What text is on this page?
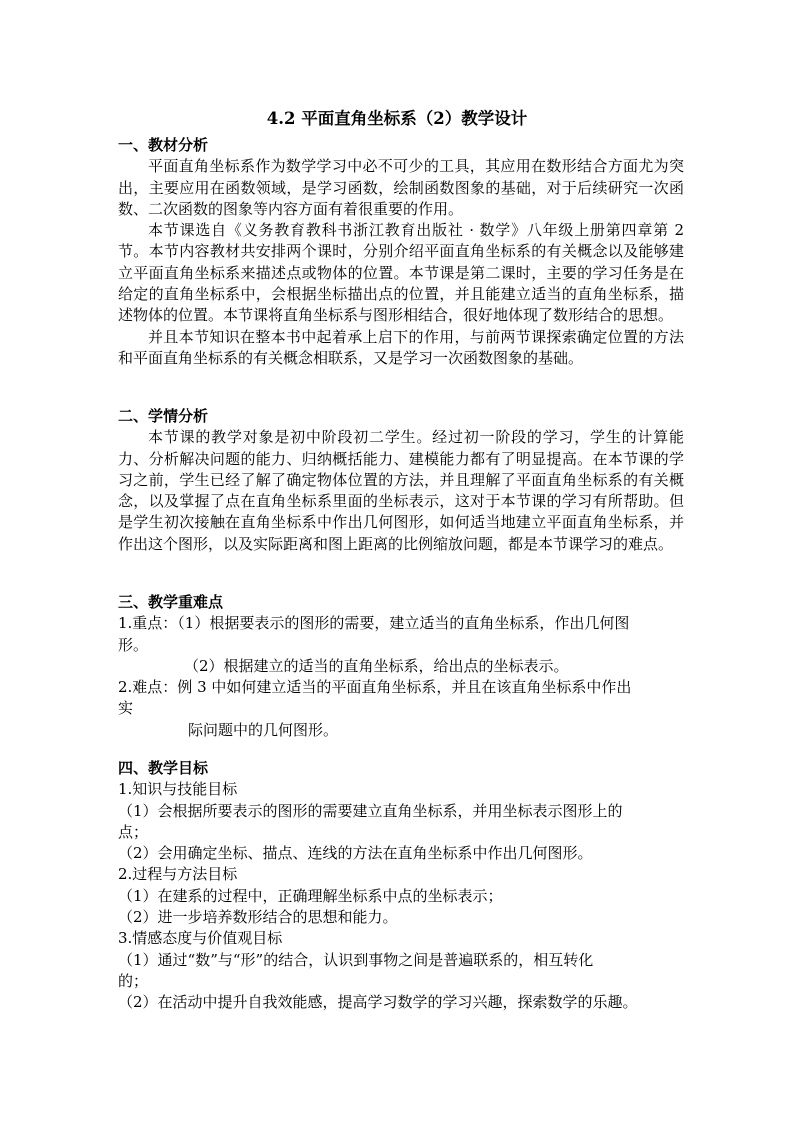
4.2 平面直角坐标系（2）教学设计
一、教材分析
平面直角坐标系作为数学学习中必不可少的工具，其应用在数形结合方面尤为突出，主要应用在函数领域，是学习函数，绘制函数图象的基础，对于后续研究一次函数、二次函数的图象等内容方面有着很重要的作用。
本节课选自《义务教育教科书浙江教育出版社 · 数学》八年级上册第四章第 2 节。本节内容教材共安排两个课时，分别介绍平面直角坐标系的有关概念以及能够建立平面直角坐标系来描述点或物体的位置。本节课是第二课时，主要的学习任务是在给定的直角坐标系中，会根据坐标描出点的位置，并且能建立适当的直角坐标系，描述物体的位置。本节课将直角坐标系与图形相结合，很好地体现了数形结合的思想。
并且本节知识在整本书中起着承上启下的作用，与前两节课探索确定位置的方法和平面直角坐标系的有关概念相联系，又是学习一次函数图象的基础。
二、学情分析
本节课的教学对象是初中阶段初二学生。经过初一阶段的学习，学生的计算能力、分析解决问题的能力、归纳概括能力、建模能力都有了明显提高。在本节课的学习之前，学生已经了解了确定物体位置的方法，并且理解了平面直角坐标系的有关概念，以及掌握了点在直角坐标系里面的坐标表示，这对于本节课的学习有所帮助。但是学生初次接触在直角坐标系中作出几何图形，如何适当地建立平面直角坐标系，并作出这个图形，以及实际距离和图上距离的比例缩放问题，都是本节课学习的难点。
三、教学重难点
1.重点：（1）根据要表示的图形的需要，建立适当的直角坐标系，作出几何图
形。
（2）根据建立的适当的直角坐标系，给出点的坐标表示。
2.难点：例 3 中如何建立适当的平面直角坐标系，并且在该直角坐标系中作出
实
际问题中的几何图形。
四、教学目标
1.知识与技能目标
（1）会根据所要表示的图形的需要建立直角坐标系，并用坐标表示图形上的
点；
（2）会用确定坐标、描点、连线的方法在直角坐标系中作出几何图形。
2.过程与方法目标
（1）在建系的过程中，正确理解坐标系中点的坐标表示；
（2）进一步培养数形结合的思想和能力。
3.情感态度与价值观目标
（1）通过“数”与“形”的结合，认识到事物之间是普遍联系的，相互转化
的；
（2）在活动中提升自我效能感，提高学习数学的学习兴趣，探索数学的乐趣。
